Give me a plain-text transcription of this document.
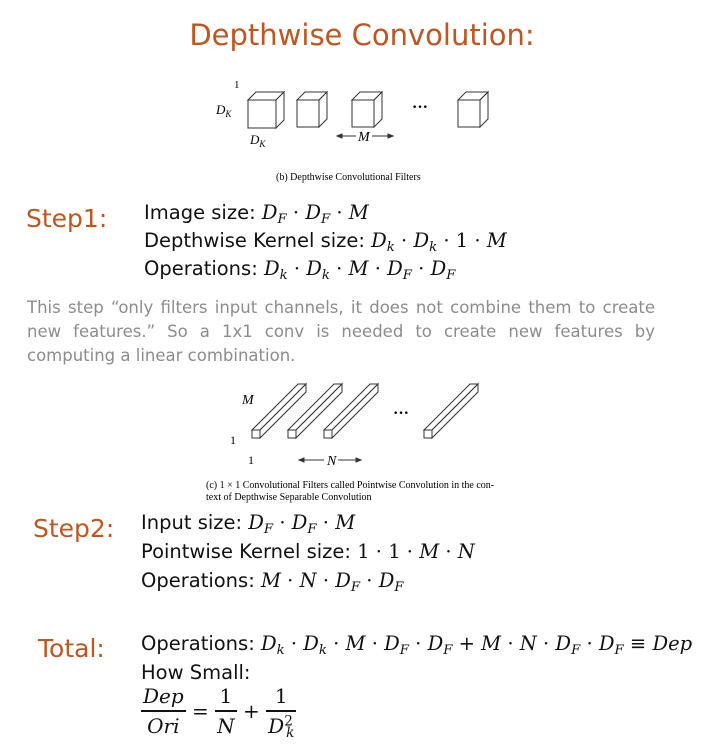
Depthwise Convolution:
1
$D_K$
$D_K$
···
M
(b) Depthwise Convolutional Filters
Step1: Image size: $D_F \cdot D_F \cdot M$
Depthwise Kernel size: $D_k \cdot D_k \cdot 1 \cdot M$
Operations: $D_k \cdot D_k \cdot M \cdot D_F \cdot D_F$
This step “only filters input channels, it does not combine them to create new features.” So a 1x1 conv is needed to create new features by computing a linear combination.
M
1
1
···
N
(c) 1 × 1 Convolutional Filters called Pointwise Convolution in the con-
text of Depthwise Separable Convolution
Step2: Input size: $D_F \cdot D_F \cdot M$
Pointwise Kernel size: 1 · 1 · M · N
Operations: $M \cdot N \cdot D_F \cdot D_F$
Total: Operations: $D_k \cdot D_k \cdot M \cdot D_F \cdot D_F + M \cdot N \cdot D_F \cdot D_F$ ≡ Dep
How Small:
$\frac{\text{Dep}}{\text{Ori}} = \frac{1}{N} + \frac{1}{D^2_k}$
